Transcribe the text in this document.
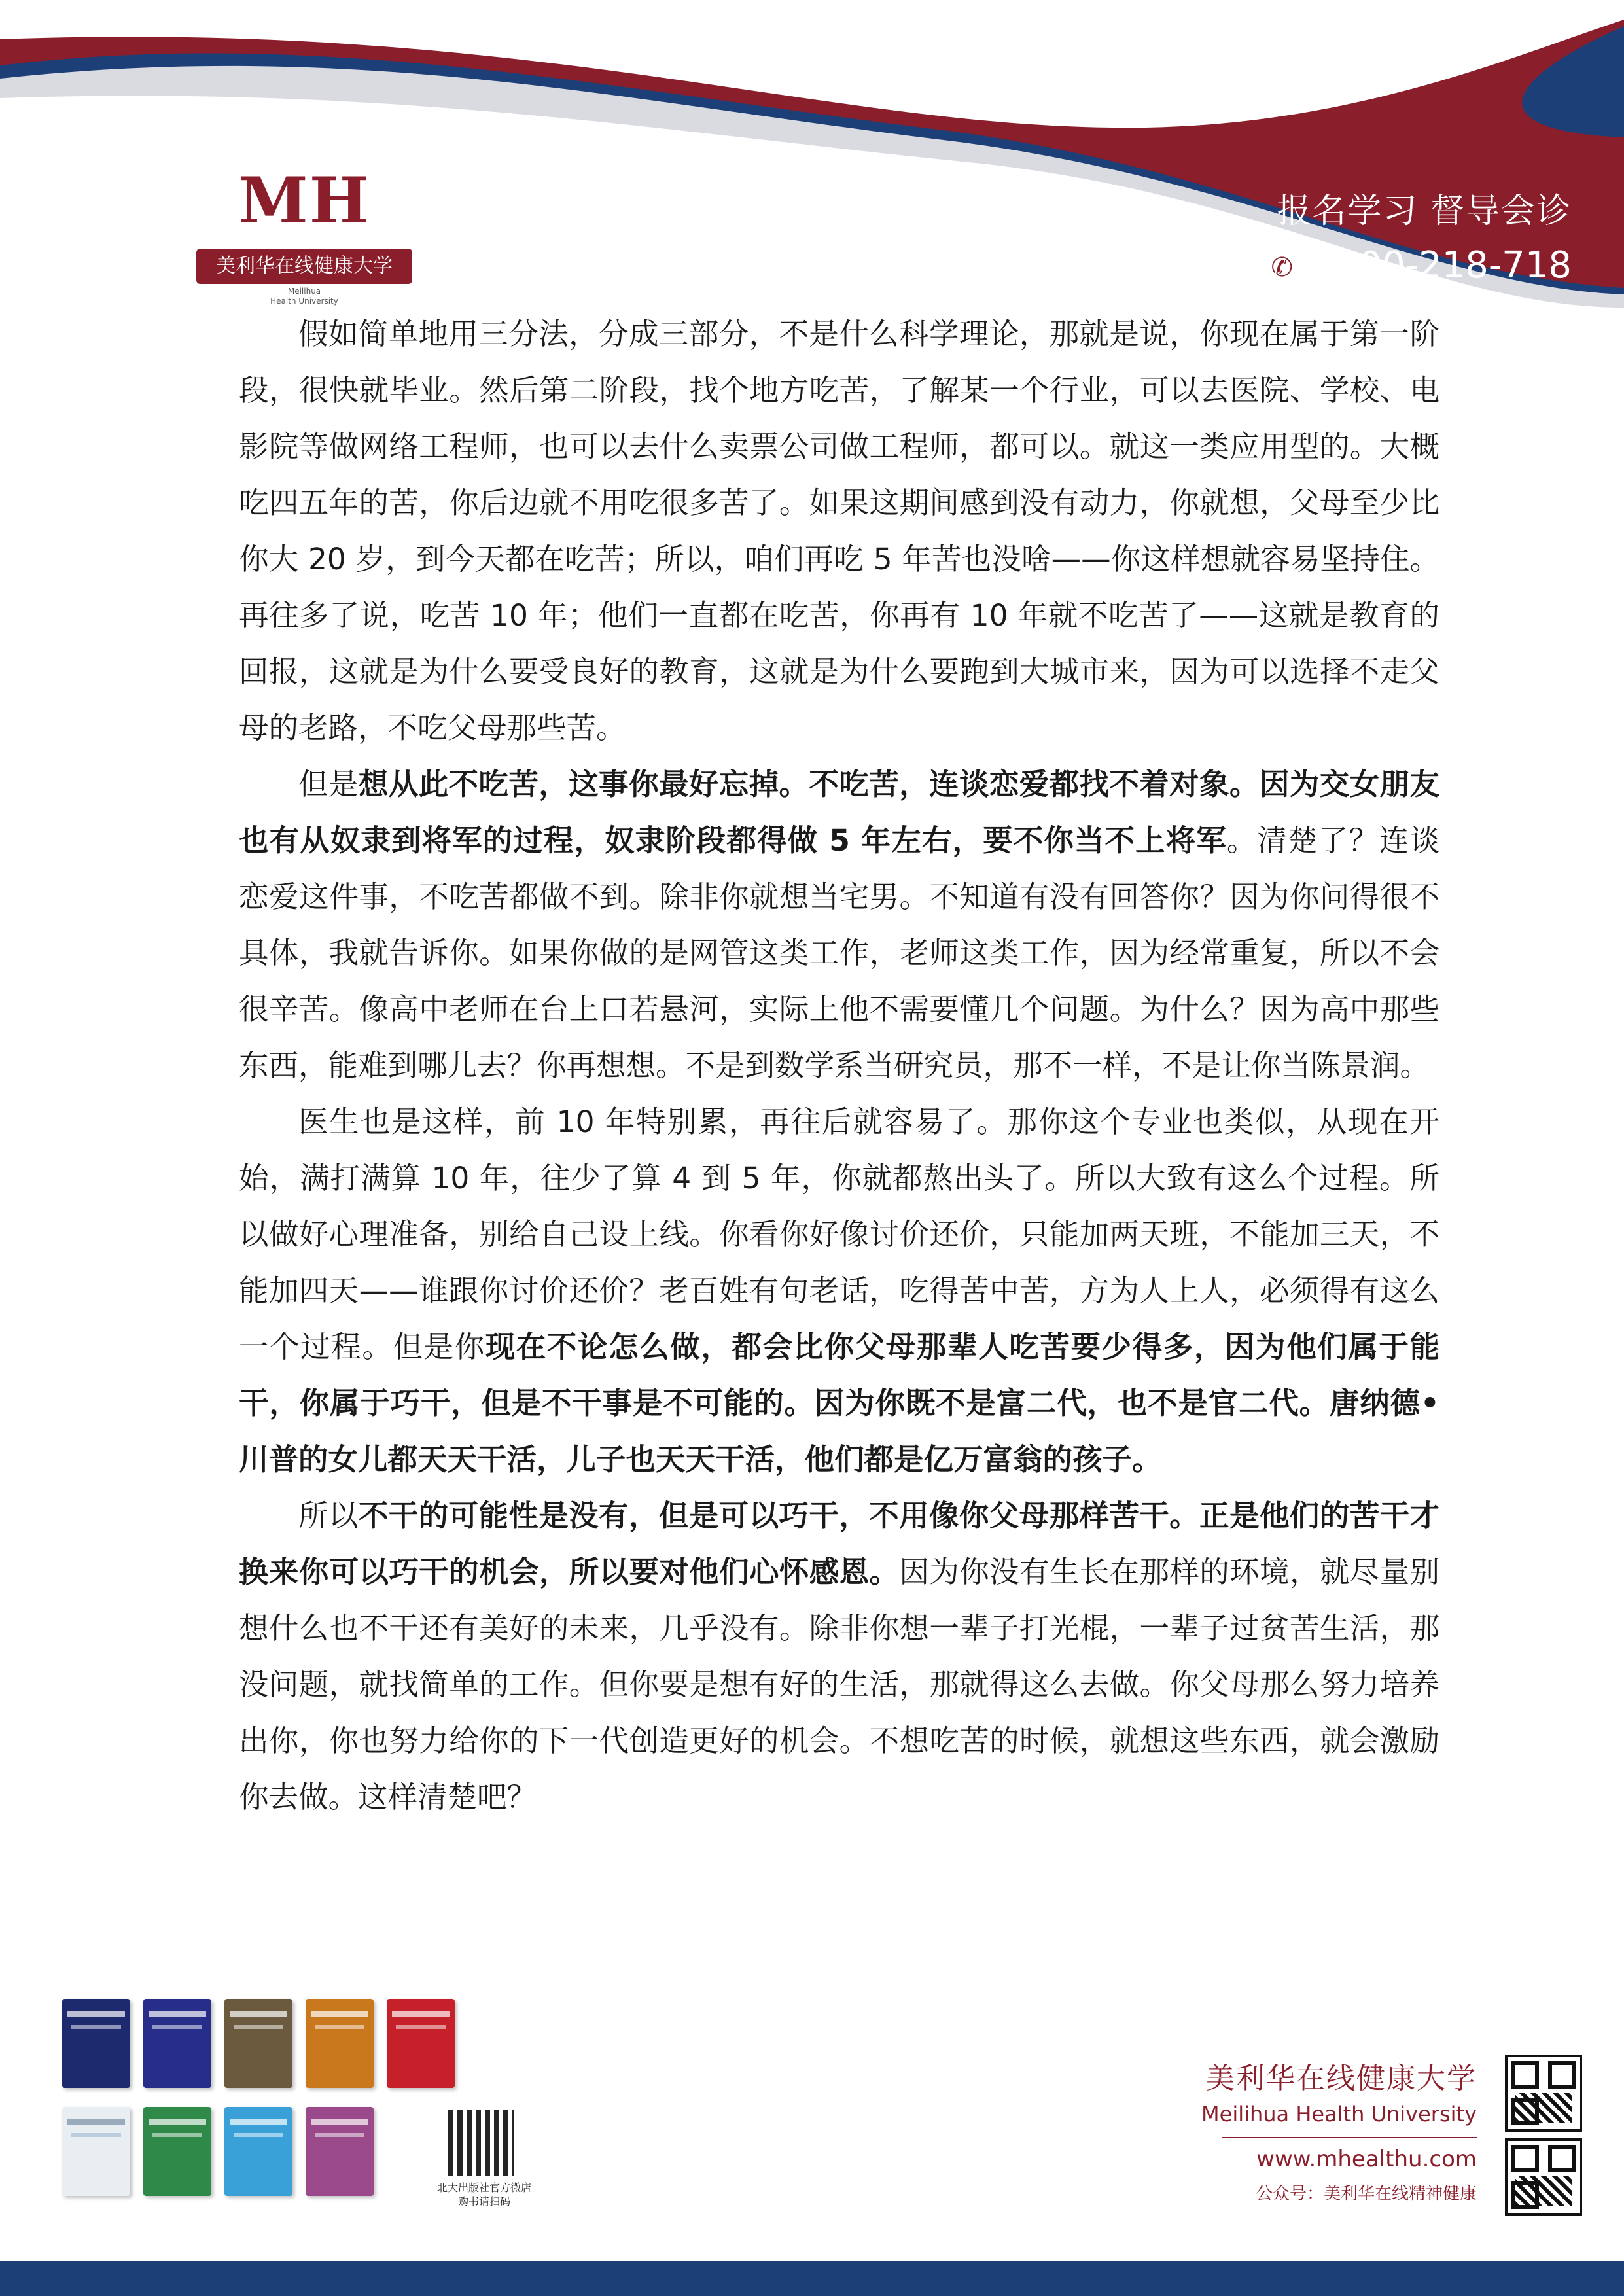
MH
美利华在线健康大学
Meilihua
Health University
报名学习 督导会诊
✆ 4000-218-718

假如简单地用三分法，分成三部分，不是什么科学理论，那就是说，你现在属于第一阶段，很快就毕业。然后第二阶段，找个地方吃苦，了解某一个行业，可以去医院、学校、电影院等做网络工程师，也可以去什么卖票公司做工程师，都可以。就这一类应用型的。大概吃四五年的苦，你后边就不用吃很多苦了。如果这期间感到没有动力，你就想，父母至少比你大 20 岁，到今天都在吃苦；所以，咱们再吃 5 年苦也没啥——你这样想就容易坚持住。再往多了说，吃苦 10 年；他们一直都在吃苦，你再有 10 年就不吃苦了——这就是教育的回报，这就是为什么要受良好的教育，这就是为什么要跑到大城市来，因为可以选择不走父母的老路，不吃父母那些苦。

但是想从此不吃苦，这事你最好忘掉。不吃苦，连谈恋爱都找不着对象。因为交女朋友也有从奴隶到将军的过程，奴隶阶段都得做 5 年左右，要不你当不上将军。清楚了？连谈恋爱这件事，不吃苦都做不到。除非你就想当宅男。不知道有没有回答你？因为你问得很不具体，我就告诉你。如果你做的是网管这类工作，老师这类工作，因为经常重复，所以不会很辛苦。像高中老师在台上口若悬河，实际上他不需要懂几个问题。为什么？因为高中那些东西，能难到哪儿去？你再想想。不是到数学系当研究员，那不一样，不是让你当陈景润。

医生也是这样，前 10 年特别累，再往后就容易了。那你这个专业也类似，从现在开始，满打满算 10 年，往少了算 4 到 5 年，你就都熬出头了。所以大致有这么个过程。所以做好心理准备，别给自己设上线。你看你好像讨价还价，只能加两天班，不能加三天，不能加四天——谁跟你讨价还价？老百姓有句老话，吃得苦中苦，方为人上人，必须得有这么一个过程。但是你现在不论怎么做，都会比你父母那辈人吃苦要少得多，因为他们属于能干，你属于巧干，但是不干事是不可能的。因为你既不是富二代，也不是官二代。唐纳德•川普的女儿都天天干活，儿子也天天干活，他们都是亿万富翁的孩子。

所以不干的可能性是没有，但是可以巧干，不用像你父母那样苦干。正是他们的苦干才换来你可以巧干的机会，所以要对他们心怀感恩。因为你没有生长在那样的环境，就尽量别想什么也不干还有美好的未来，几乎没有。除非你想一辈子打光棍，一辈子过贫苦生活，那没问题，就找简单的工作。但你要是想有好的生活，那就得这么去做。你父母那么努力培养出你，你也努力给你的下一代创造更好的机会。不想吃苦的时候，就想这些东西，就会激励你去做。这样清楚吧？

北大出版社官方微店
购书请扫码
美利华在线健康大学
Meilihua Health University
www.mhealthu.com
公众号：美利华在线精神健康
